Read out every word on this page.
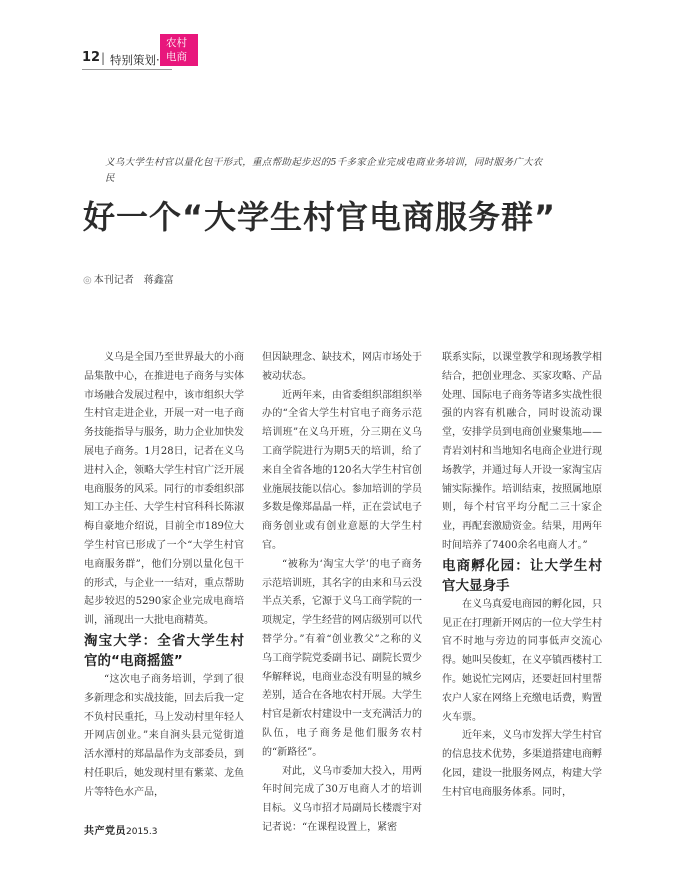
12 | 特别策划·
农村
电商
义乌大学生村官以量化包干形式，重点帮助起步迟的5千多家企业完成电商业务培训，同时服务广大农民
好一个“大学生村官电商服务群”
◎ 本刊记者 蒋鑫富

义乌是全国乃至世界最大的小商品集散中心，在推进电子商务与实体市场融合发展过程中，该市组织大学生村官走进企业，开展一对一电子商务技能指导与服务，助力企业加快发展电子商务。1月28日，记者在义乌进村入企，领略大学生村官广泛开展电商服务的风采。同行的市委组织部知工办主任、大学生村官科科长陈淑梅自豪地介绍说，目前全市189位大学生村官已形成了一个“大学生村官电商服务群”，他们分别以量化包干的形式，与企业一一结对，重点帮助起步较迟的5290家企业完成电商培训，涌现出一大批电商精英。

淘宝大学：全省大学生村官的“电商摇篮”

“这次电子商务培训，学到了很多新理念和实战技能，回去后我一定不负村民重托，马上发动村里年轻人开网店创业。”来自涧头县元觉街道活水潭村的郑晶晶作为支部委员，到村任职后，她发现村里有紫菜、龙鱼片等特色水产品，

但因缺理念、缺技术，网店市场处于被动状态。

近两年来，由省委组织部组织举办的“全省大学生村官电子商务示范培训班”在义乌开班，分三期在义乌工商学院进行为期5天的培训，给了来自全省各地的120名大学生村官创业施展技能以信心。参加培训的学员多数是像郑晶晶一样，正在尝试电子商务创业或有创业意愿的大学生村官。

“被称为‘淘宝大学’的电子商务示范培训班，其名字的由来和马云没半点关系，它源于义乌工商学院的一项规定，学生经营的网店级别可以代替学分。”有着“创业教父”之称的义乌工商学院党委副书记、副院长贾少华解释说，电商业态没有明显的城乡差别，适合在各地农村开展。大学生村官是新农村建设中一支充满活力的队伍，电子商务是他们服务农村的“新路径”。

对此，义乌市委加大投入，用两年时间完成了30万电商人才的培训目标。义乌市招才局副局长楼震宇对记者说：“在课程设置上，紧密

联系实际，以课堂教学和现场教学相结合，把创业理念、买家攻略、产品处理、国际电子商务等诸多实战性很强的内容有机融合，同时设流动课堂，安排学员到电商创业聚集地——青岩刘村和当地知名电商企业进行现场教学，并通过每人开设一家淘宝店铺实际操作。培训结束，按照属地原则，每个村官平均分配二三十家企业，再配套激励资金。结果，用两年时间培养了7400余名电商人才。”

电商孵化园：让大学生村官大显身手

在义乌真爱电商园的孵化园，只见正在打理新开网店的一位大学生村官不时地与旁边的同事低声交流心得。她叫吴俊虹，在义亭镇西楼村工作。她说忙完网店，还要赶回村里帮农户人家在网络上充缴电话费，购置火车票。

近年来，义乌市发挥大学生村官的信息技术优势，多渠道搭建电商孵化园，建设一批服务网点，构建大学生村官电商服务体系。同时，

共产党员2015.3
